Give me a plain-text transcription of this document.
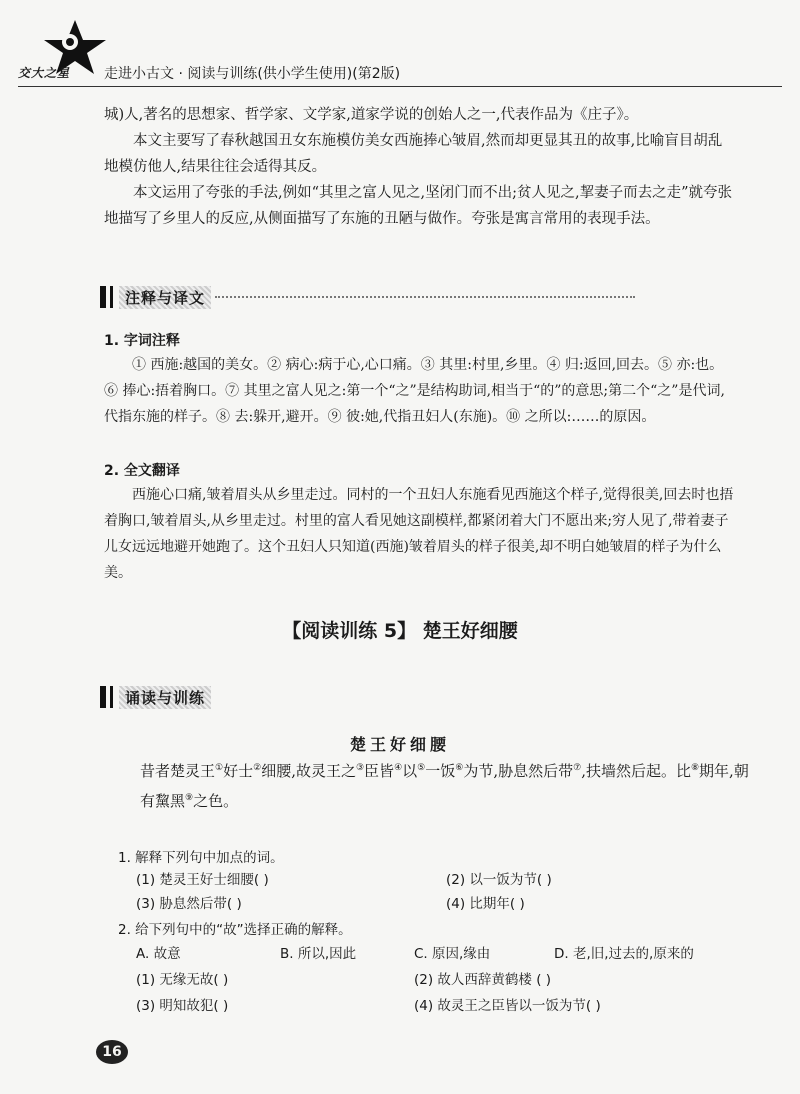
交大之星 走进小古文 · 阅读与训练(供小学生使用)(第2版)

城)人,著名的思想家、哲学家、文学家,道家学说的创始人之一,代表作品为《庄子》。

本文主要写了春秋越国丑女东施模仿美女西施捧心皱眉,然而却更显其丑的故事,比喻盲目胡乱地模仿他人,结果往往会适得其反。

本文运用了夸张的手法,例如“其里之富人见之,坚闭门而不出;贫人见之,挈妻子而去之走”就夸张地描写了乡里人的反应,从侧面描写了东施的丑陋与做作。夸张是寓言常用的表现手法。

注释与译文
1. 字词注释

① 西施:越国的美女。② 病心:病于心,心口痛。③ 其里:村里,乡里。④ 归:返回,回去。⑤ 亦:也。⑥ 捧心:捂着胸口。⑦ 其里之富人见之:第一个“之”是结构助词,相当于“的”的意思;第二个“之”是代词,代指东施的样子。⑧ 去:躲开,避开。⑨ 彼:她,代指丑妇人(东施)。⑩ 之所以:……的原因。

2. 全文翻译

西施心口痛,皱着眉头从乡里走过。同村的一个丑妇人东施看见西施这个样子,觉得很美,回去时也捂着胸口,皱着眉头,从乡里走过。村里的富人看见她这副模样,都紧闭着大门不愿出来;穷人见了,带着妻子儿女远远地避开她跑了。这个丑妇人只知道(西施)皱着眉头的样子很美,却不明白她皱眉的样子为什么美。

【阅读训练 5】 楚王好细腰
诵读与训练
楚王好细腰

昔者楚灵王①好士②细腰,故灵王之③臣皆④以⑤一饭⑥为节,胁息然后带⑦,扶墙然后起。比⑧期年,朝有黧黑⑨之色。

1. 解释下列句中加点的词。
(1) 楚灵王好士细腰( )	(2) 以一饭为节( )
(3) 胁息然后带( )	(4) 比期年( )
2. 给下列句中的“故”选择正确的解释。
A. 故意	B. 所以,因此	C. 原因,缘由	D. 老,旧,过去的,原来的
(1) 无缘无故( )	(2) 故人西辞黄鹤楼 ( )
(3) 明知故犯( )	(4) 故灵王之臣皆以一饭为节( )
16
